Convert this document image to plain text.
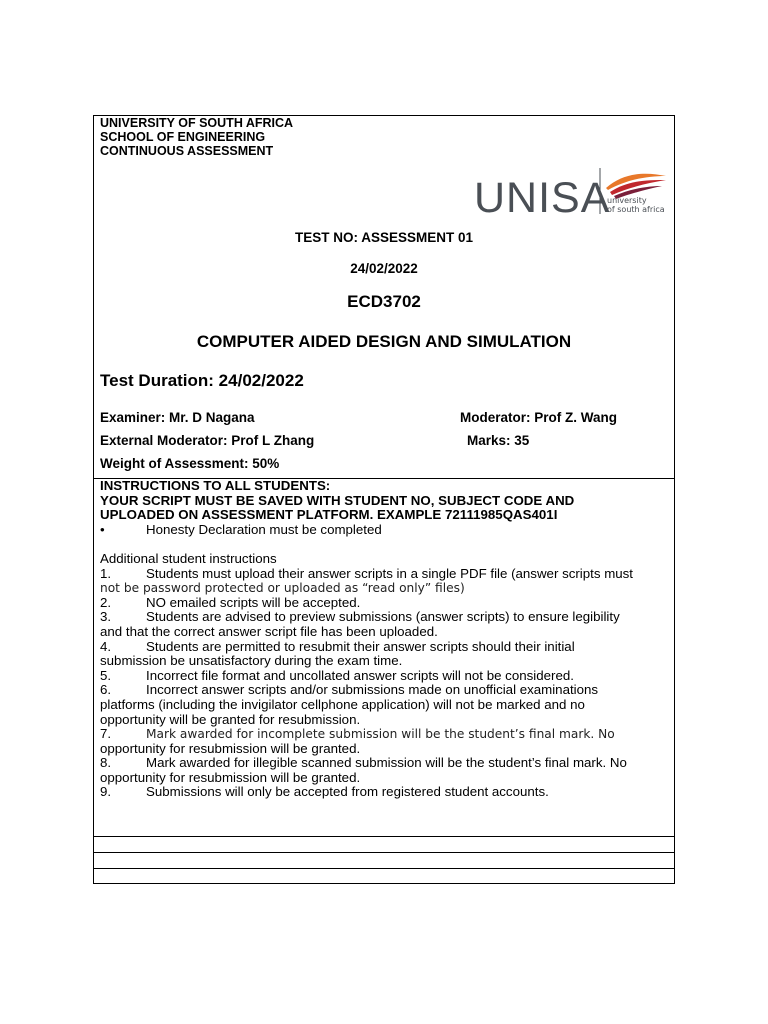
UNIVERSITY OF SOUTH AFRICA
SCHOOL OF ENGINEERING
CONTINUOUS ASSESSMENT
UNISA
university
of south africa
TEST NO: ASSESSMENT 01
24/02/2022
ECD3702
COMPUTER AIDED DESIGN AND SIMULATION
Test Duration: 24/02/2022
Examiner: Mr. D Nagana	Moderator: Prof Z. Wang
External Moderator: Prof L Zhang	Marks: 35
Weight of Assessment: 50%
INSTRUCTIONS TO ALL STUDENTS:
YOUR SCRIPT MUST BE SAVED WITH STUDENT NO, SUBJECT CODE AND
UPLOADED ON ASSESSMENT PLATFORM. EXAMPLE 72111985QAS401I
•	Honesty Declaration must be completed
Additional student instructions
1.	Students must upload their answer scripts in a single PDF file (answer scripts must
not be password protected or uploaded as “read only” files)
2.	NO emailed scripts will be accepted.
3.	Students are advised to preview submissions (answer scripts) to ensure legibility
and that the correct answer script file has been uploaded.
4.	Students are permitted to resubmit their answer scripts should their initial
submission be unsatisfactory during the exam time.
5.	Incorrect file format and uncollated answer scripts will not be considered.
6.	Incorrect answer scripts and/or submissions made on unofficial examinations
platforms (including the invigilator cellphone application) will not be marked and no
opportunity will be granted for resubmission.
7.	Mark awarded for incomplete submission will be the student’s final mark. No
opportunity for resubmission will be granted.
8.	Mark awarded for illegible scanned submission will be the student’s final mark. No
opportunity for resubmission will be granted.
9.	Submissions will only be accepted from registered student accounts.
